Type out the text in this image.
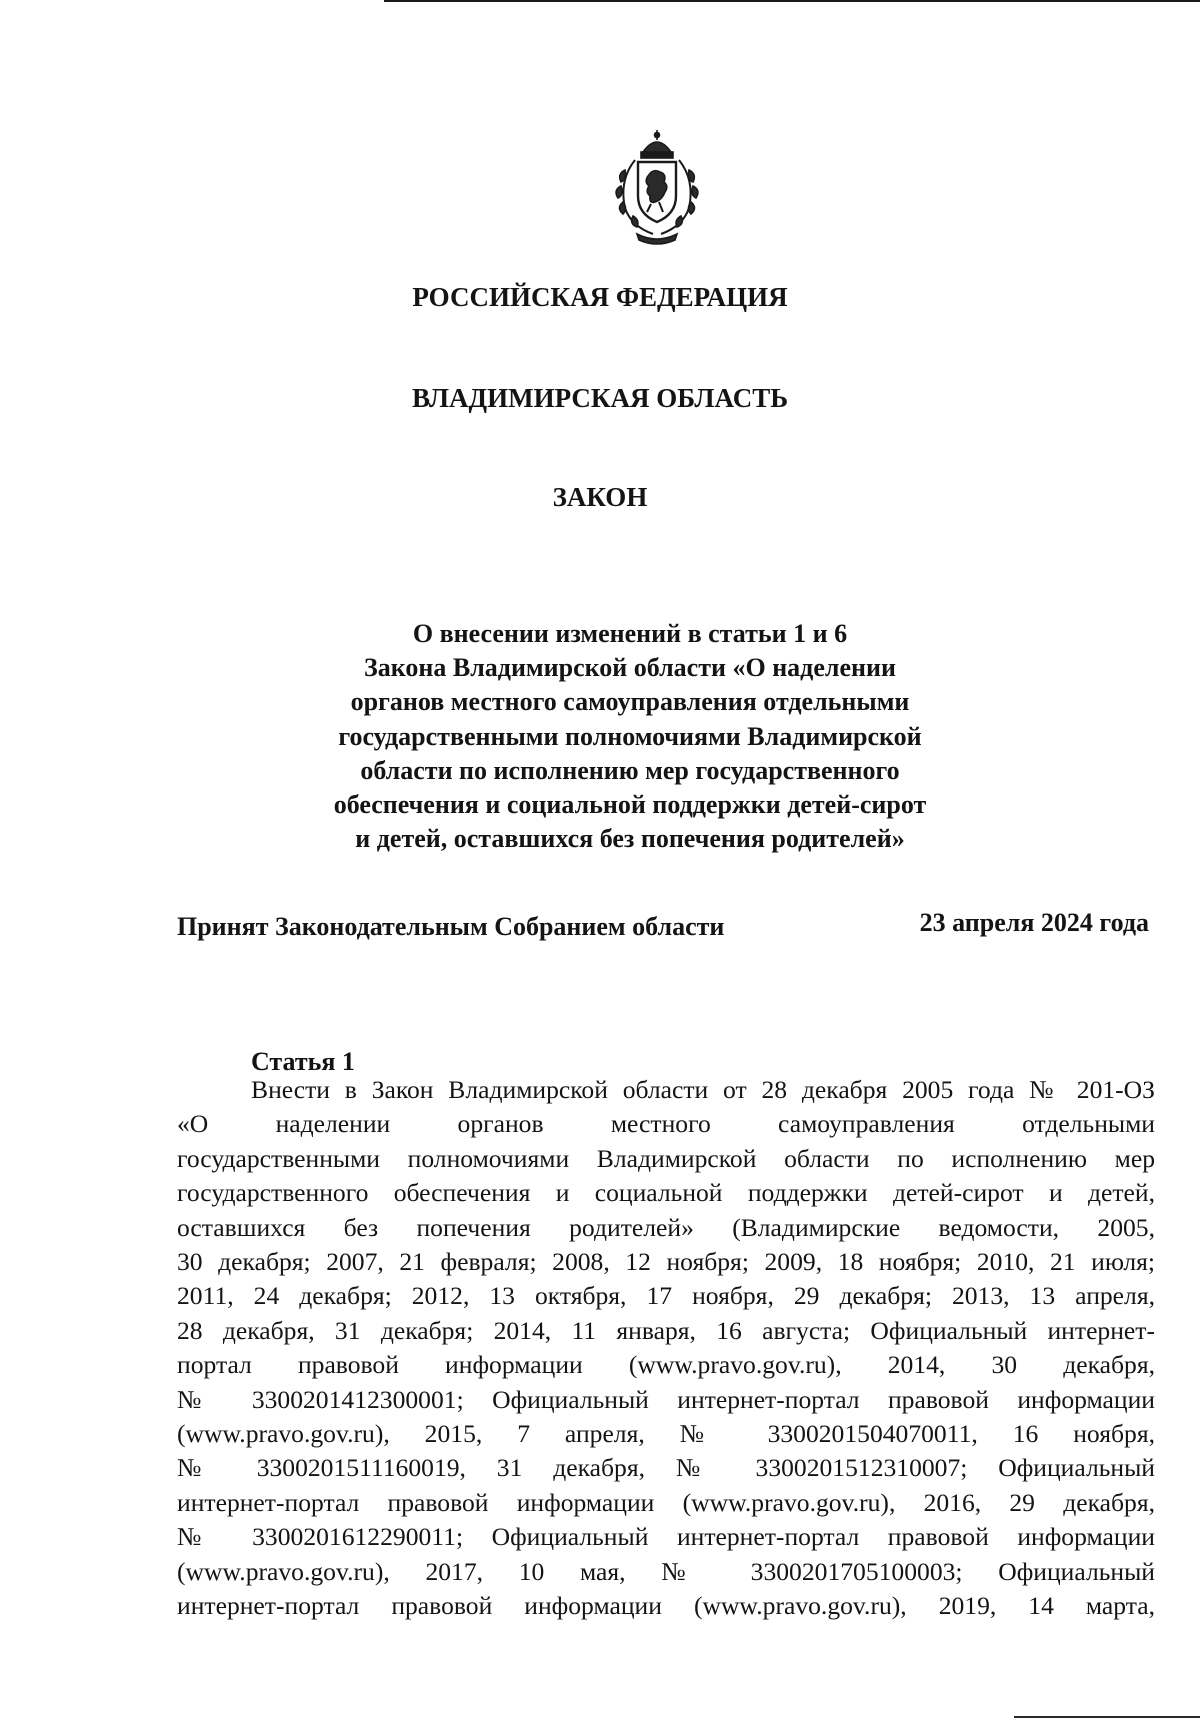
РОССИЙСКАЯ ФЕДЕРАЦИЯ
ВЛАДИМИРСКАЯ ОБЛАСТЬ
ЗАКОН
О внесении изменений в статьи 1 и 6
Закона Владимирской области «О наделении
органов местного самоуправления отдельными
государственными полномочиями Владимирской
области по исполнению мер государственного
обеспечения и социальной поддержки детей-сирот
и детей, оставшихся без попечения родителей»

Принят Законодательным Собранием области	23 апреля 2024 года

Статья 1

Внести в Закон Владимирской области от 28 декабря 2005 года № 201-ОЗ
«О наделении органов местного самоуправления отдельными
государственными полномочиями Владимирской области по исполнению мер
государственного обеспечения и социальной поддержки детей-сирот и детей,
оставшихся без попечения родителей» (Владимирские ведомости, 2005,
30 декабря; 2007, 21 февраля; 2008, 12 ноября; 2009, 18 ноября; 2010, 21 июля;
2011, 24 декабря; 2012, 13 октября, 17 ноября, 29 декабря; 2013, 13 апреля,
28 декабря, 31 декабря; 2014, 11 января, 16 августа; Официальный интернет-
портал правовой информации (www.pravo.gov.ru), 2014, 30 декабря,
№ 3300201412300001; Официальный интернет-портал правовой информации
(www.pravo.gov.ru), 2015, 7 апреля, № 3300201504070011, 16 ноября,
№ 3300201511160019, 31 декабря, № 3300201512310007; Официальный
интернет-портал правовой информации (www.pravo.gov.ru), 2016, 29 декабря,
№ 3300201612290011; Официальный интернет-портал правовой информации
(www.pravo.gov.ru), 2017, 10 мая, № 3300201705100003; Официальный
интернет-портал правовой информации (www.pravo.gov.ru), 2019, 14 марта,
